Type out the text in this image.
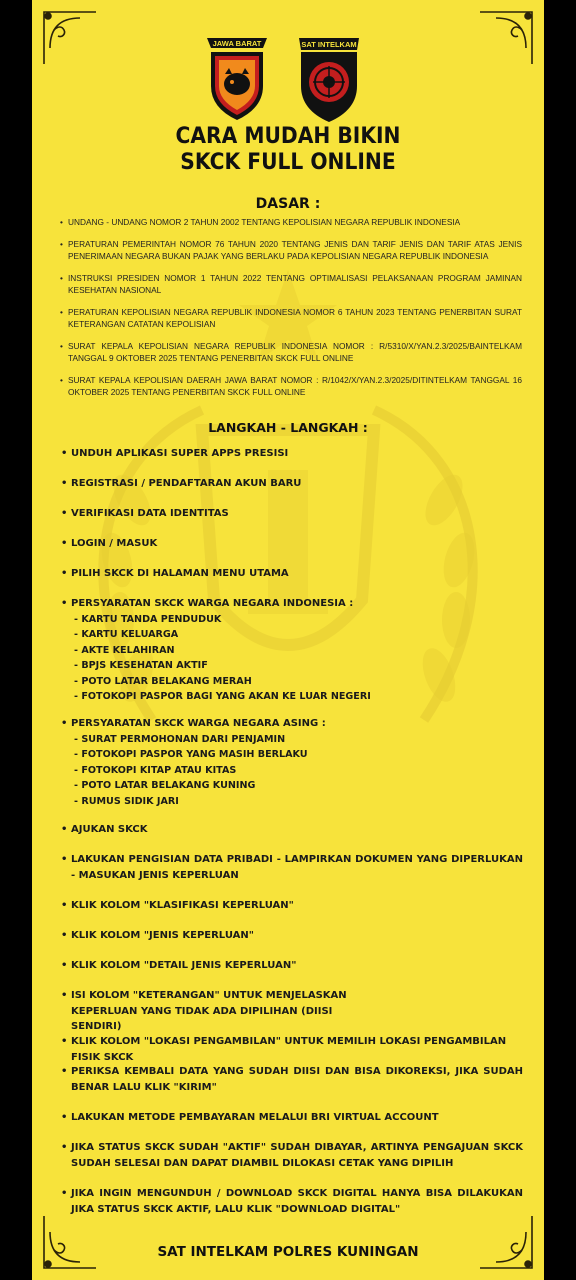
JAWA BARAT	SAT INTELKAM
CARA MUDAH BIKIN
SKCK FULL ONLINE
DASAR :
• UNDANG - UNDANG NOMOR 2 TAHUN 2002 TENTANG KEPOLISIAN NEGARA REPUBLIK INDONESIA
• PERATURAN PEMERINTAH NOMOR 76 TAHUN 2020 TENTANG JENIS DAN TARIF JENIS DAN TARIF ATAS JENIS PENERIMAAN NEGARA BUKAN PAJAK YANG BERLAKU PADA KEPOLISIAN NEGARA REPUBLIK INDONESIA
• INSTRUKSI PRESIDEN NOMOR 1 TAHUN 2022 TENTANG OPTIMALISASI PELAKSANAAN PROGRAM JAMINAN KESEHATAN NASIONAL
• PERATURAN KEPOLISIAN NEGARA REPUBLIK INDONESIA NOMOR 6 TAHUN 2023 TENTANG PENERBITAN SURAT KETERANGAN CATATAN KEPOLISIAN
• SURAT KEPALA KEPOLISIAN NEGARA REPUBLIK INDONESIA NOMOR : R/5310/X/YAN.2.3/2025/BAINTELKAM TANGGAL 9 OKTOBER 2025 TENTANG PENERBITAN SKCK FULL ONLINE
• SURAT KEPALA KEPOLISIAN DAERAH JAWA BARAT NOMOR : R/1042/X/YAN.2.3/2025/DITINTELKAM TANGGAL 16 OKTOBER 2025 TENTANG PENERBITAN SKCK FULL ONLINE
LANGKAH - LANGKAH :
• UNDUH APLIKASI SUPER APPS PRESISI
• REGISTRASI / PENDAFTARAN AKUN BARU
• VERIFIKASI DATA IDENTITAS
• LOGIN / MASUK
• PILIH SKCK DI HALAMAN MENU UTAMA
• PERSYARATAN SKCK WARGA NEGARA INDONESIA :
- KARTU TANDA PENDUDUK
- KARTU KELUARGA
- AKTE KELAHIRAN
- BPJS KESEHATAN AKTIF
- POTO LATAR BELAKANG MERAH
- FOTOKOPI PASPOR BAGI YANG AKAN KE LUAR NEGERI
• PERSYARATAN SKCK WARGA NEGARA ASING :
- SURAT PERMOHONAN DARI PENJAMIN
- FOTOKOPI PASPOR YANG MASIH BERLAKU
- FOTOKOPI KITAP ATAU KITAS
- POTO LATAR BELAKANG KUNING
- RUMUS SIDIK JARI
• AJUKAN SKCK
• LAKUKAN PENGISIAN DATA PRIBADI - LAMPIRKAN DOKUMEN YANG DIPERLUKAN - MASUKAN JENIS KEPERLUAN
• KLIK KOLOM "KLASIFIKASI KEPERLUAN"
• KLIK KOLOM "JENIS KEPERLUAN"
• KLIK KOLOM "DETAIL JENIS KEPERLUAN"
• ISI KOLOM "KETERANGAN" UNTUK MENJELASKAN KEPERLUAN YANG TIDAK ADA DIPILIHAN (DIISI SENDIRI)
• KLIK KOLOM "LOKASI PENGAMBILAN" UNTUK MEMILIH LOKASI PENGAMBILAN FISIK SKCK
• PERIKSA KEMBALI DATA YANG SUDAH DIISI DAN BISA DIKOREKSI, JIKA SUDAH BENAR LALU KLIK "KIRIM"
• LAKUKAN METODE PEMBAYARAN MELALUI BRI VIRTUAL ACCOUNT
• JIKA STATUS SKCK SUDAH "AKTIF" SUDAH DIBAYAR, ARTINYA PENGAJUAN SKCK SUDAH SELESAI DAN DAPAT DIAMBIL DILOKASI CETAK YANG DIPILIH
• JIKA INGIN MENGUNDUH / DOWNLOAD SKCK DIGITAL HANYA BISA DILAKUKAN JIKA STATUS SKCK AKTIF, LALU KLIK "DOWNLOAD DIGITAL"
SAT INTELKAM POLRES KUNINGAN
